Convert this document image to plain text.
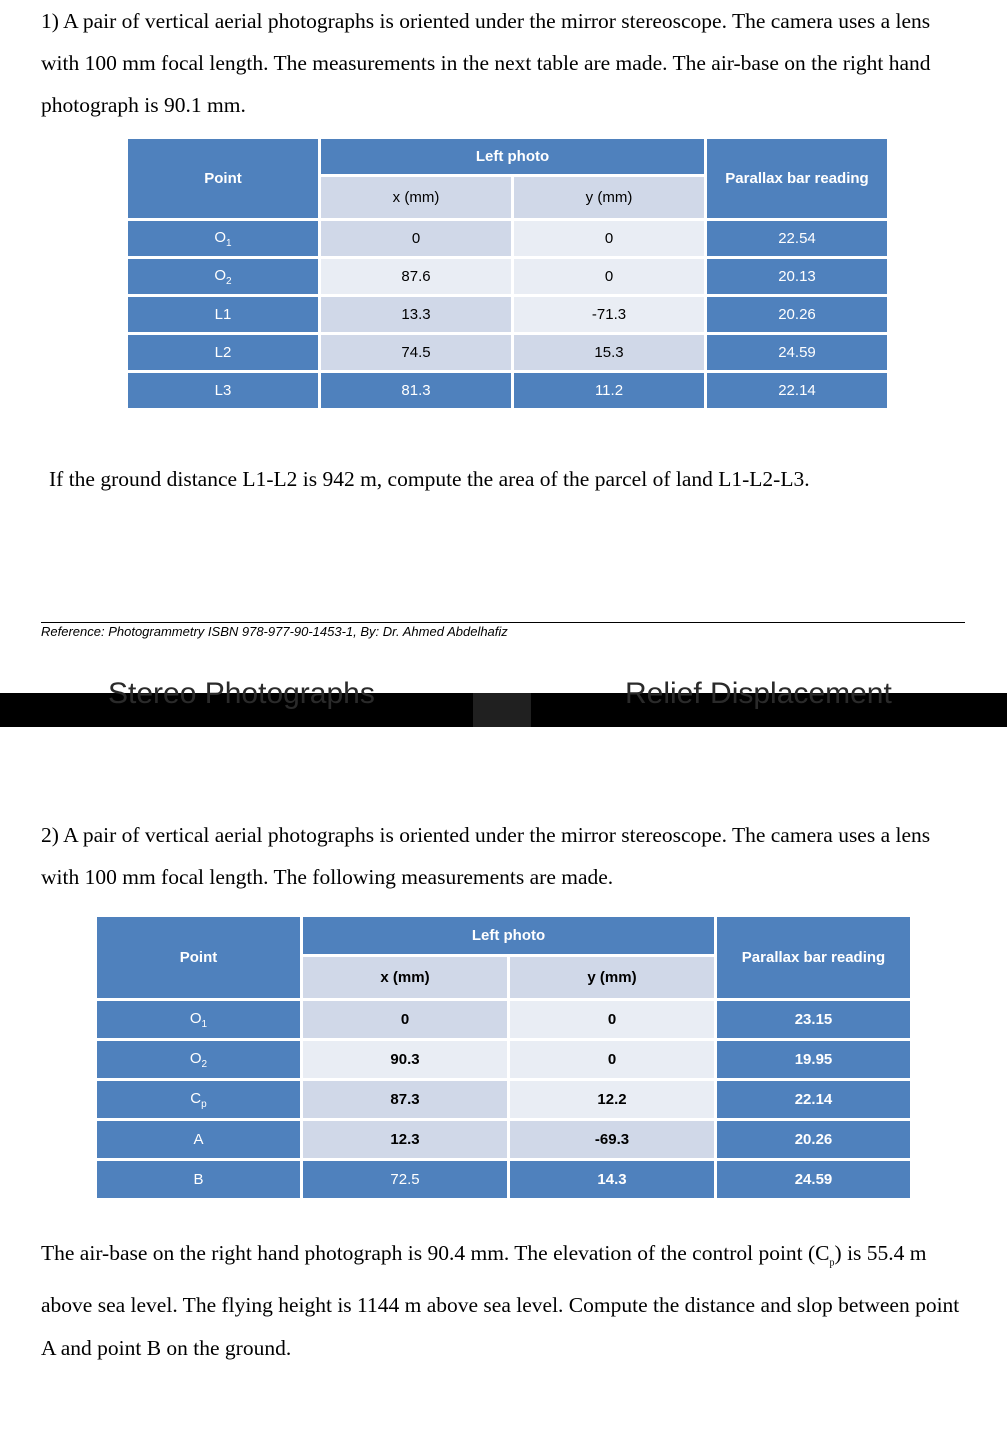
1) A pair of vertical aerial photographs is oriented under the mirror stereoscope. The camera uses a lens with 100 mm focal length. The measurements in the next table are made. The air-base on the right hand photograph is 90.1 mm.

Point	Left photo		Parallax bar reading
	x (mm)	y (mm)	
$O_1$	0	0	22.54
$O_2$	87.6	0	20.13
L1	13.3	-71.3	20.26
L2	74.5	15.3	24.59
L3	81.3	11.2	22.14

If the ground distance L1-L2 is 942 m, compute the area of the parcel of land L1-L2-L3.

Reference: Photogrammetry ISBN 978-977-90-1453-1, By: Dr. Ahmed Abdelhafiz
Stereo Photographs	Relief Displacement

2) A pair of vertical aerial photographs is oriented under the mirror stereoscope. The camera uses a lens with 100 mm focal length. The following measurements are made.

Point	Left photo		Parallax bar reading
	x (mm)	y (mm)	
$O_1$	0	0	23.15
$O_2$	90.3	0	19.95
$C_p$	87.3	12.2	22.14
A	12.3	-69.3	20.26
B	72.5	14.3	24.59

The air-base on the right hand photograph is 90.4 mm. The elevation of the control point $(C_p)$ is 55.4 m above sea level. The flying height is 1144 m above sea level. Compute the distance and slop between point A and point B on the ground.
